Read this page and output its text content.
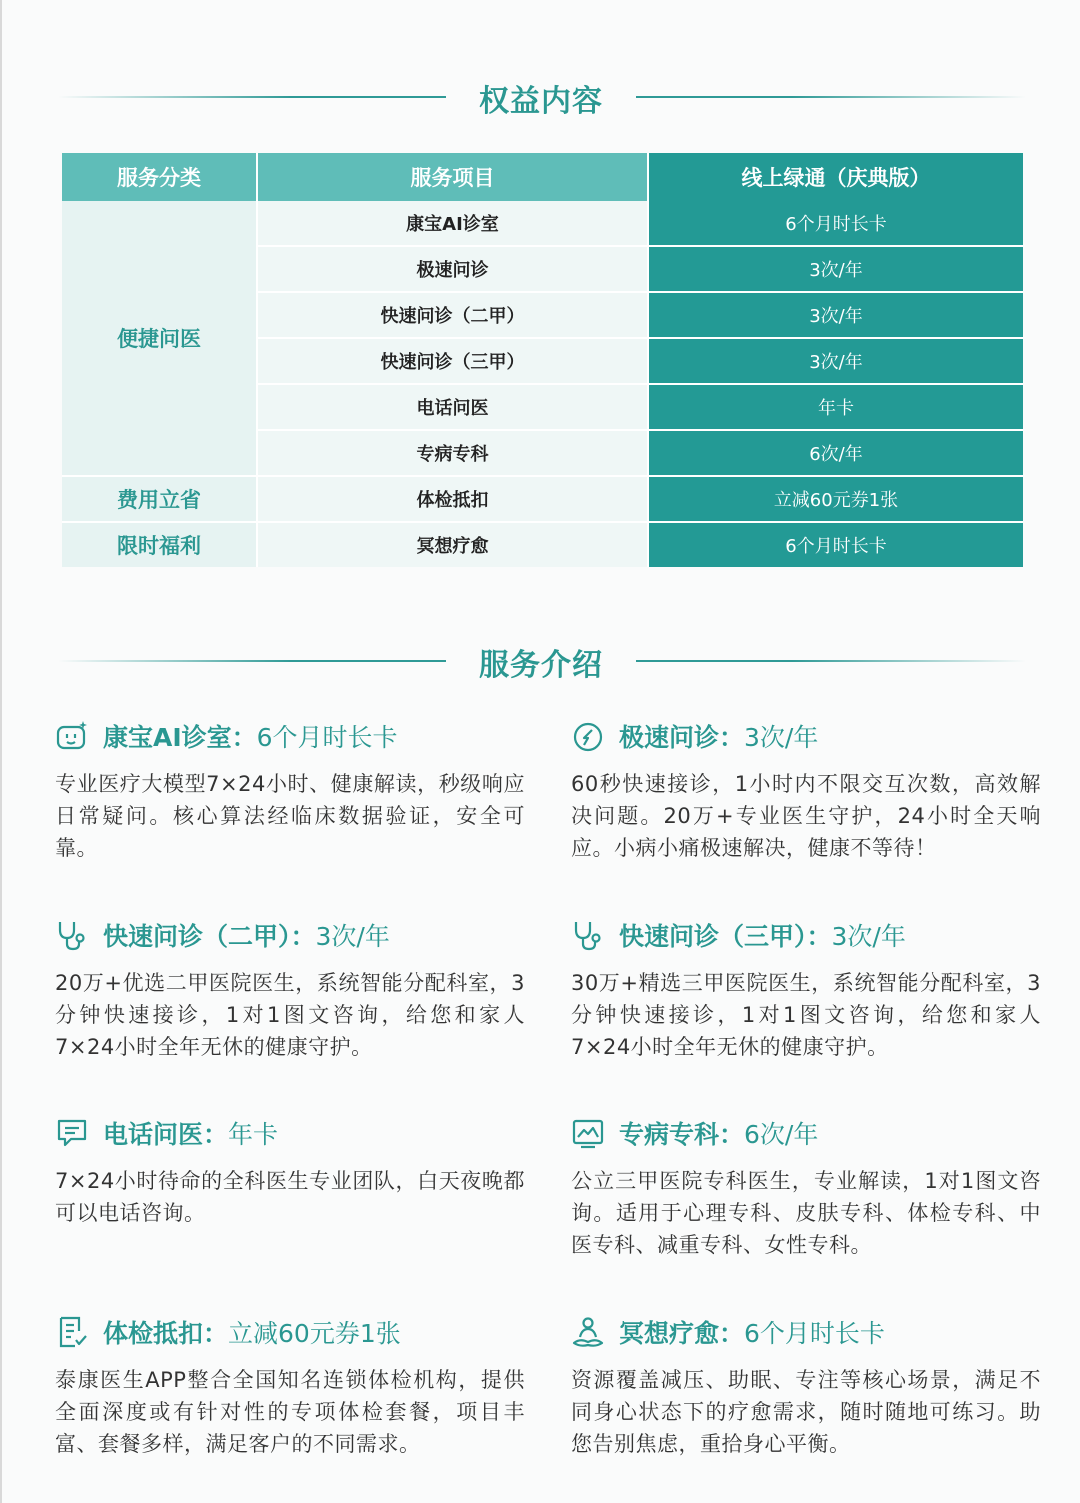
权益内容
服务分类	服务项目	线上绿通（庆典版）
便捷问医	康宝AI诊室	6个月时长卡
	极速问诊	3次/年
	快速问诊（二甲）	3次/年
	快速问诊（三甲）	3次/年
	电话问医	年卡
	专病专科	6次/年
费用立省	体检抵扣	立减60元券1张
限时福利	冥想疗愈	6个月时长卡
服务介绍
康宝AI诊室： 6个月时长卡
专业医疗大模型7×24小时、健康解读，秒级响应日常疑问。核心算法经临床数据验证，安全可靠。
极速问诊： 3次/年
60秒快速接诊，1小时内不限交互次数，高效解决问题。20万+专业医生守护，24小时全天响应。小病小痛极速解决，健康不等待！
快速问诊（二甲）： 3次/年
20万+优选二甲医院医生，系统智能分配科室，3分钟快速接诊，1对1图文咨询，给您和家人7×24小时全年无休的健康守护。
快速问诊（三甲）： 3次/年
30万+精选三甲医院医生，系统智能分配科室，3分钟快速接诊，1对1图文咨询，给您和家人7×24小时全年无休的健康守护。
电话问医： 年卡
7×24小时待命的全科医生专业团队，白天夜晚都可以电话咨询。
专病专科： 6次/年
公立三甲医院专科医生，专业解读，1对1图文咨询。适用于心理专科、皮肤专科、体检专科、中医专科、减重专科、女性专科。
体检抵扣： 立减60元券1张
泰康医生APP整合全国知名连锁体检机构，提供全面深度或有针对性的专项体检套餐，项目丰富、套餐多样，满足客户的不同需求。
冥想疗愈： 6个月时长卡
资源覆盖减压、助眠、专注等核心场景，满足不同身心状态下的疗愈需求，随时随地可练习。助您告别焦虑，重拾身心平衡。
